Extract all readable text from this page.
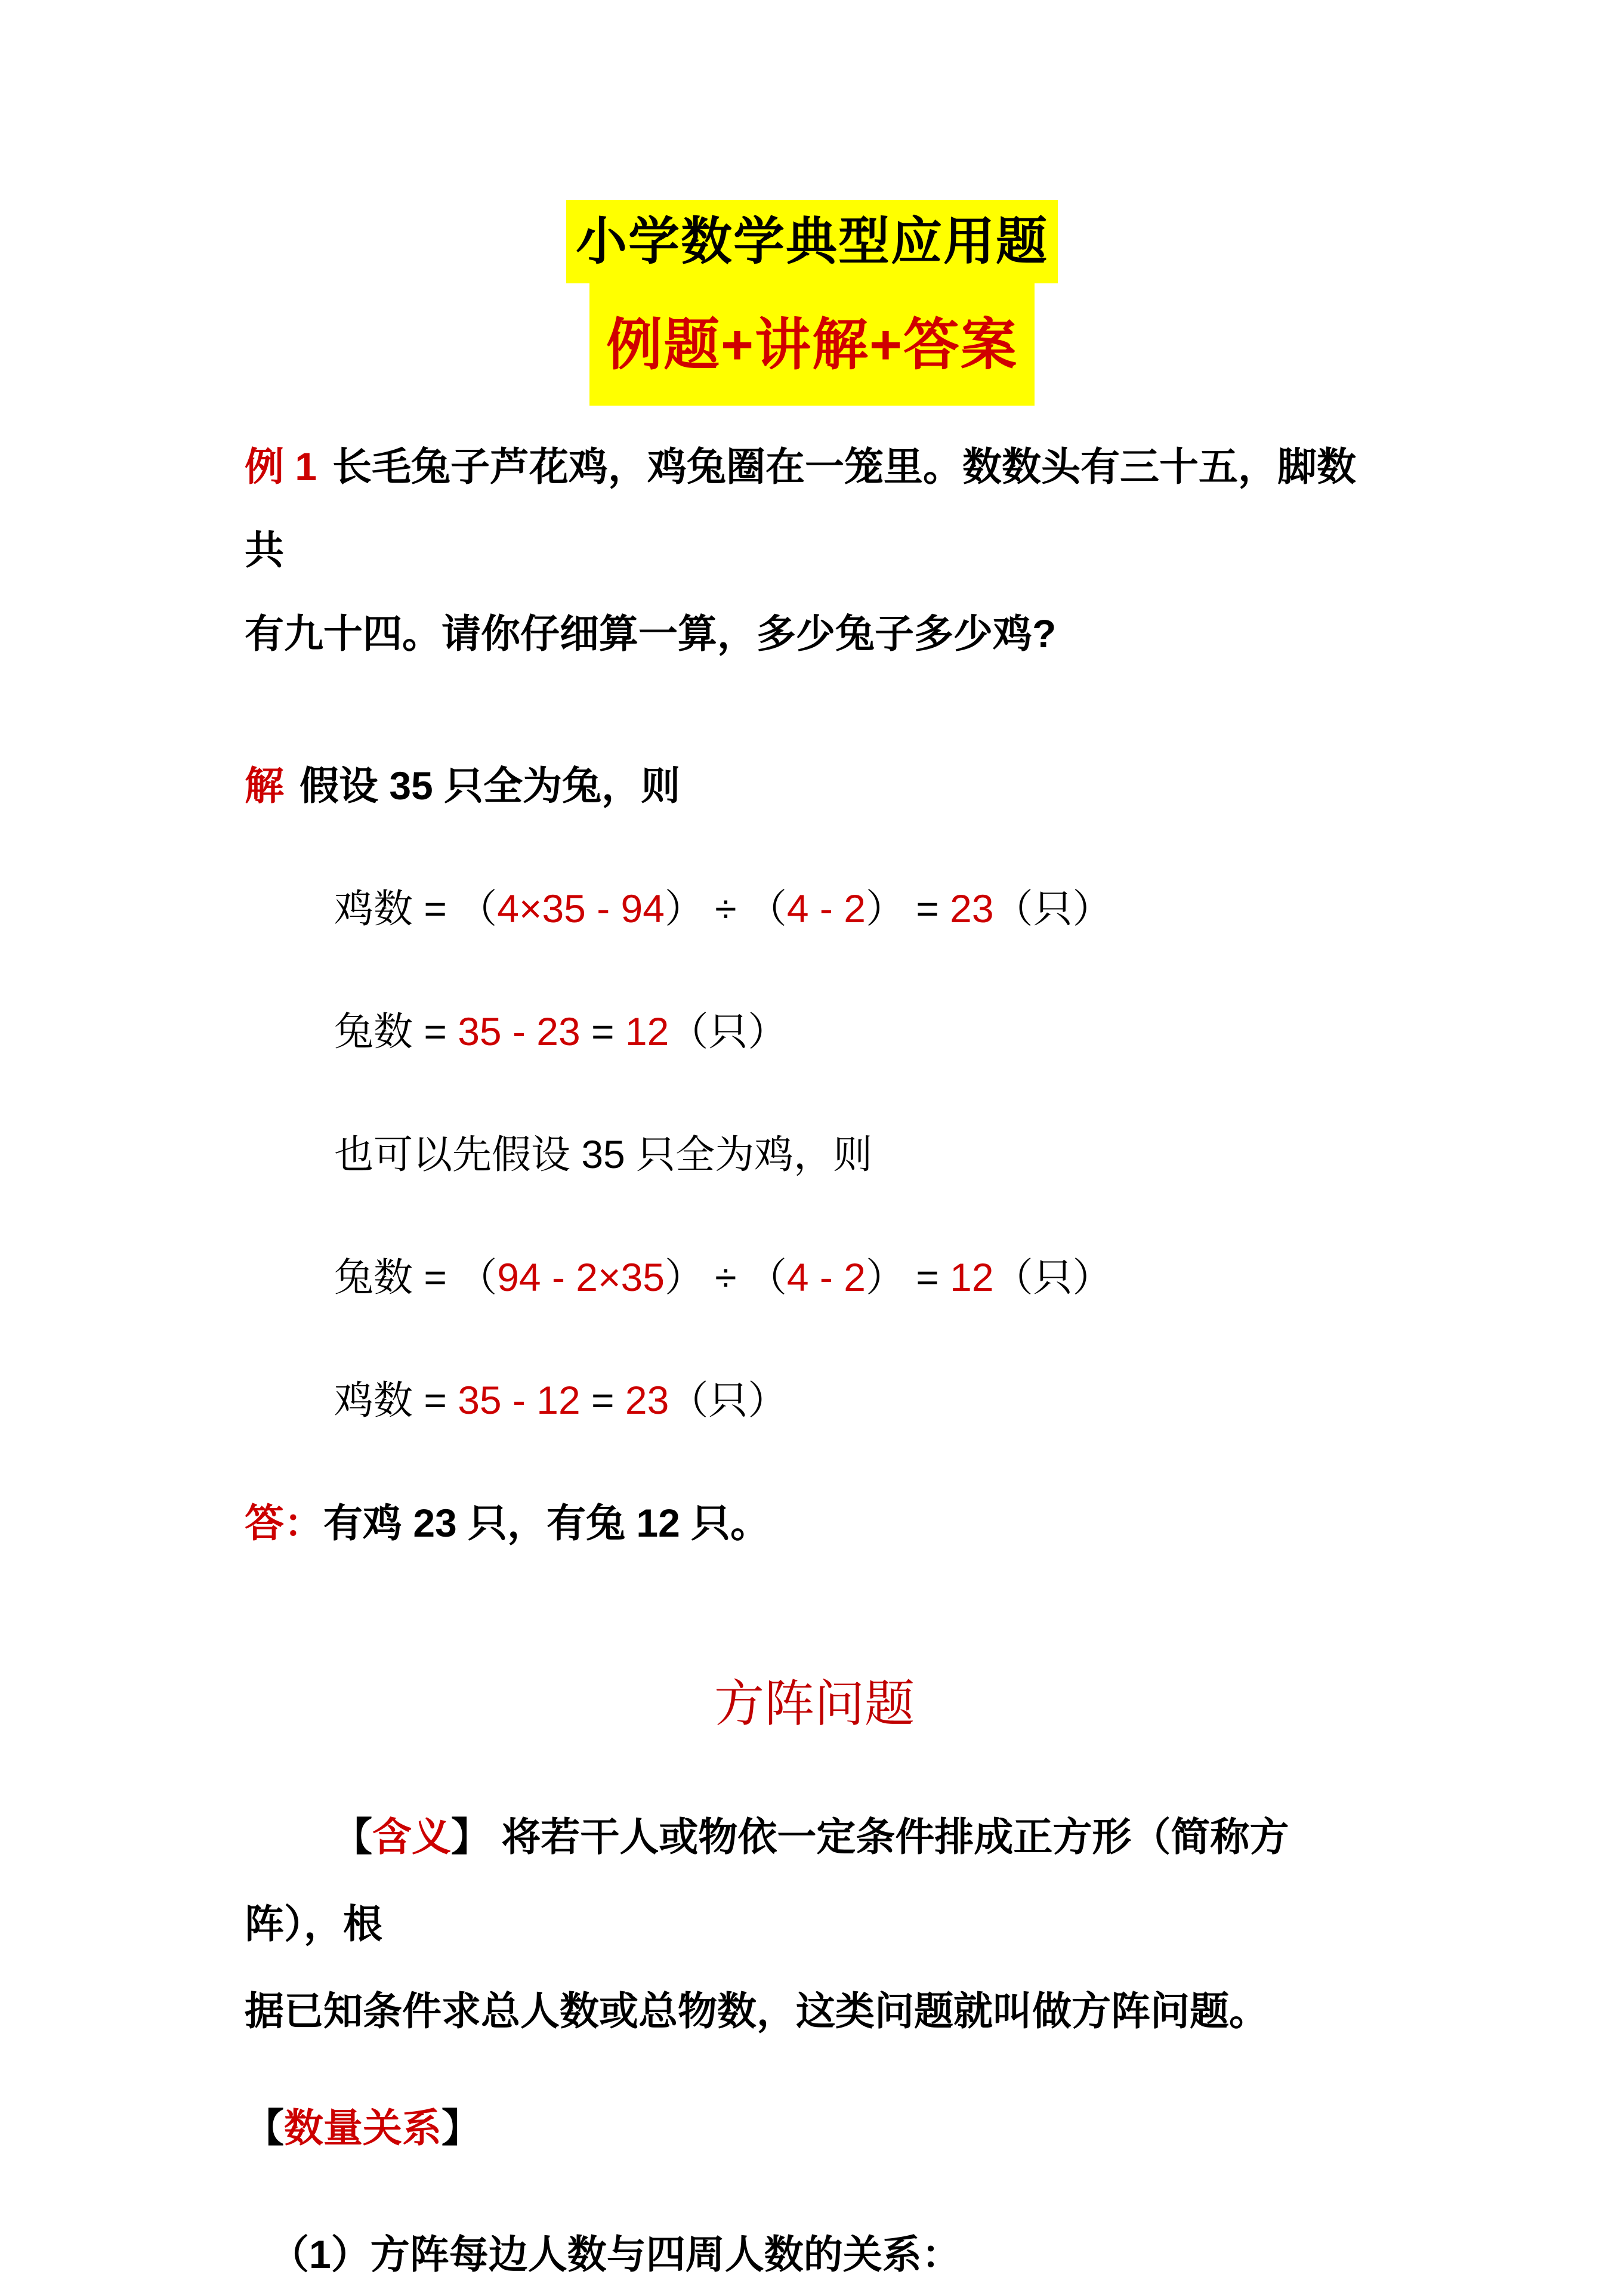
小学数学典型应用题
例题+讲解+答案

例 1 长毛兔子芦花鸡，鸡兔圈在一笼里。数数头有三十五，脚数共

有九十四。请你仔细算一算，多少兔子多少鸡?

解 假设 35 只全为兔，则

鸡数 = （4×35 - 94） ÷ （4 - 2） = 23（只）

兔数 = 35 - 23 = 12（只）

也可以先假设 35 只全为鸡，则

兔数 = （94 - 2×35） ÷ （4 - 2） = 12（只）

鸡数 = 35 - 12 = 23（只）

答：有鸡 23 只，有兔 12 只。

方阵问题

【含义】 将若干人或物依一定条件排成正方形（简称方阵），根

据已知条件求总人数或总物数，这类问题就叫做方阵问题。

【数量关系】

（1）方阵每边人数与四周人数的关系：
